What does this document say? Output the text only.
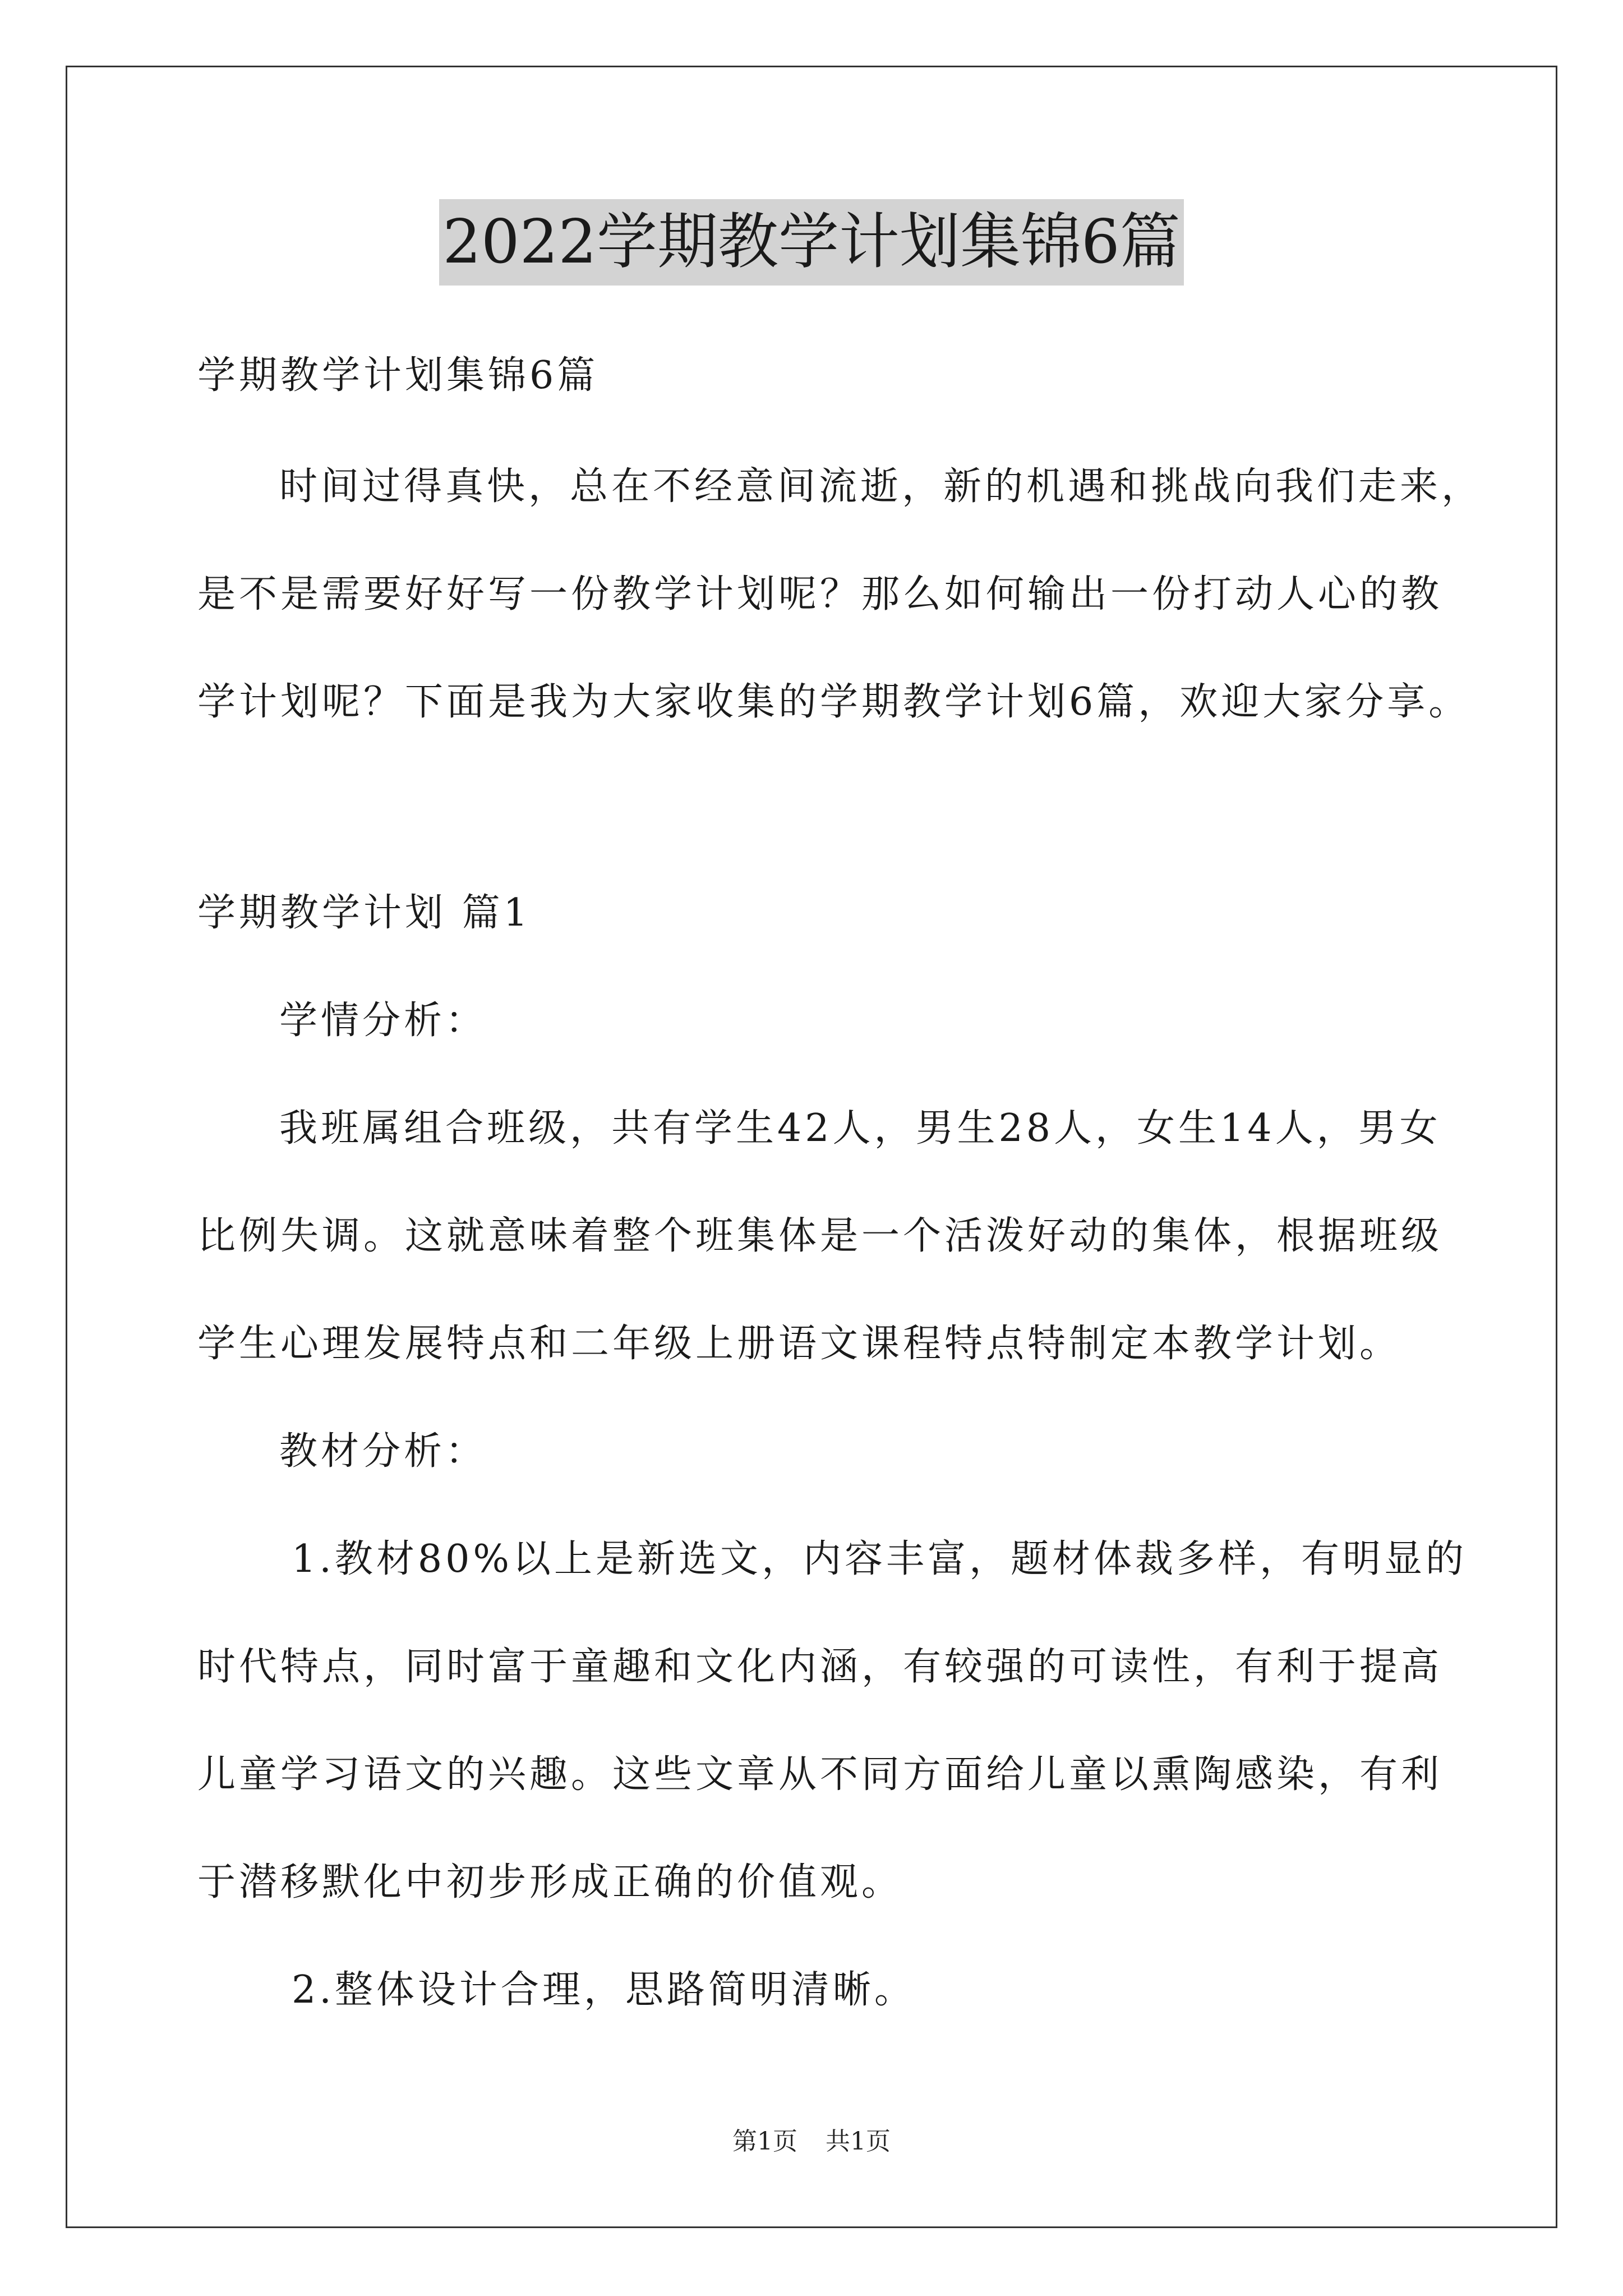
2022学期教学计划集锦6篇
学期教学计划集锦6篇
时间过得真快，总在不经意间流逝，新的机遇和挑战向我们走来，
是不是需要好好写一份教学计划呢？那么如何输出一份打动人心的教
学计划呢？下面是我为大家收集的学期教学计划6篇，欢迎大家分享。
学期教学计划 篇1
学情分析：
我班属组合班级，共有学生42人，男生28人，女生14人，男女
比例失调。这就意味着整个班集体是一个活泼好动的集体，根据班级
学生心理发展特点和二年级上册语文课程特点特制定本教学计划。
教材分析：
1.教材80%以上是新选文，内容丰富，题材体裁多样，有明显的
时代特点，同时富于童趣和文化内涵，有较强的可读性，有利于提高
儿童学习语文的兴趣。这些文章从不同方面给儿童以熏陶感染，有利
于潜移默化中初步形成正确的价值观。
2.整体设计合理，思路简明清晰。
第1页 共1页
